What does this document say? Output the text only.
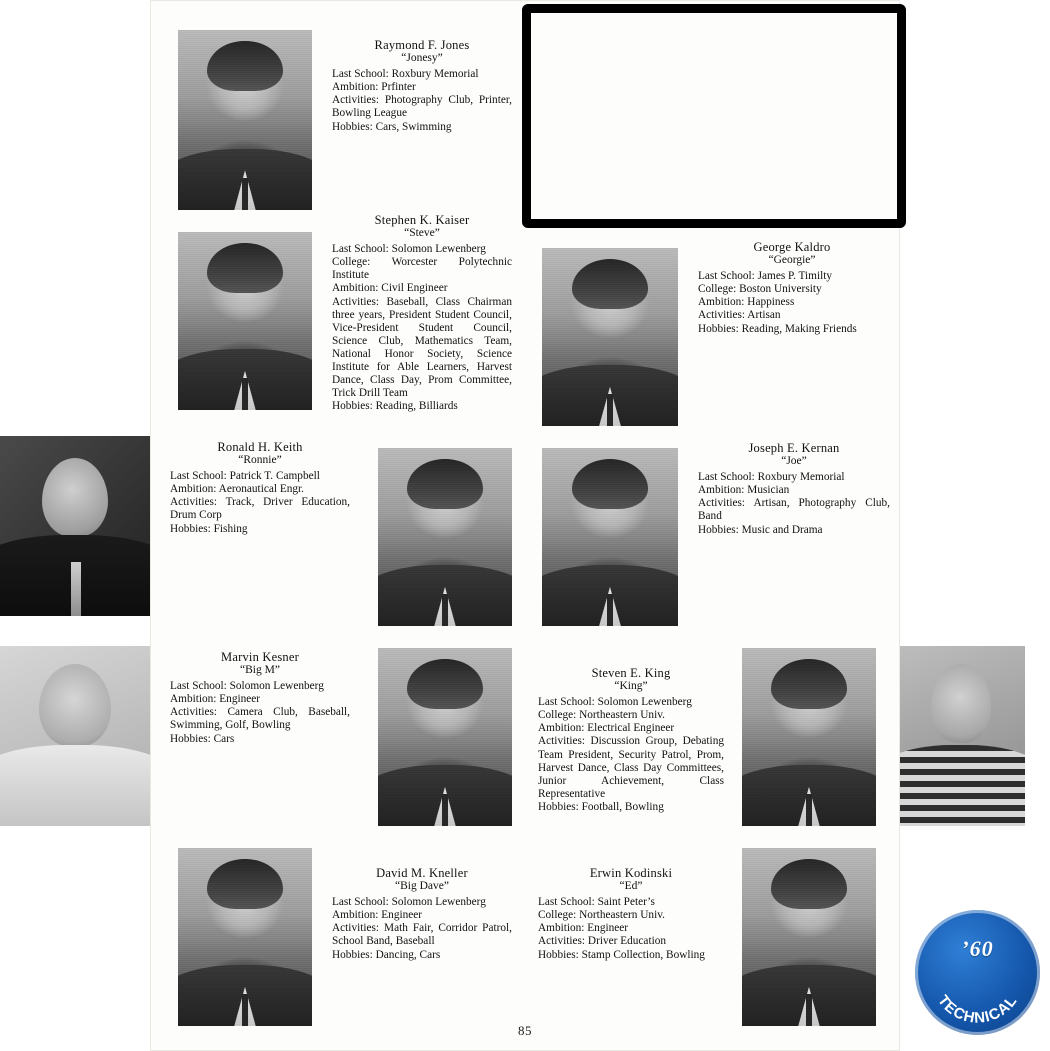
Raymond F. Jones
“Jonesy”
Last School: Roxbury Memorial
Ambition: Prfinter
Activities: Photography Club, Printer, Bowling League
Hobbies: Cars, Swimming
Stephen K. Kaiser
“Steve”
Last School: Solomon Lewenberg
College: Worcester Polytechnic Institute
Ambition: Civil Engineer
Activities: Baseball, Class Chairman three years, President Student Council, Vice-President Student Council, Science Club, Mathematics Team, National Honor Society, Science Institute for Able Learners, Harvest Dance, Class Day, Prom Committee, Trick Drill Team
Hobbies: Reading, Billiards
George Kaldro
“Georgie”
Last School: James P. Timilty
College: Boston University
Ambition: Happiness
Activities: Artisan
Hobbies: Reading, Making Friends
Ronald H. Keith
“Ronnie”
Last School: Patrick T. Campbell
Ambition: Aeronautical Engr.
Activities: Track, Driver Education, Drum Corp
Hobbies: Fishing
Joseph E. Kernan
“Joe”
Last School: Roxbury Memorial
Ambition: Musician
Activities: Artisan, Photography Club, Band
Hobbies: Music and Drama
Marvin Kesner
“Big M”
Last School: Solomon Lewenberg
Ambition: Engineer
Activities: Camera Club, Baseball, Swimming, Golf, Bowling
Hobbies: Cars
Steven E. King
“King”
Last School: Solomon Lewenberg
College: Northeastern Univ.
Ambition: Electrical Engineer
Activities: Discussion Group, Debating Team President, Security Patrol, Prom, Harvest Dance, Class Day Committees, Junior Achievement, Class Representative
Hobbies: Football, Bowling
David M. Kneller
“Big Dave”
Last School: Solomon Lewenberg
Ambition: Engineer
Activities: Math Fair, Corridor Patrol, School Band, Baseball
Hobbies: Dancing, Cars
Erwin Kodinski
“Ed”
Last School: Saint Peter’s
College: Northeastern Univ.
Ambition: Engineer
Activities: Driver Education
Hobbies: Stamp Collection, Bowling
85
’60
TECHNICAL
